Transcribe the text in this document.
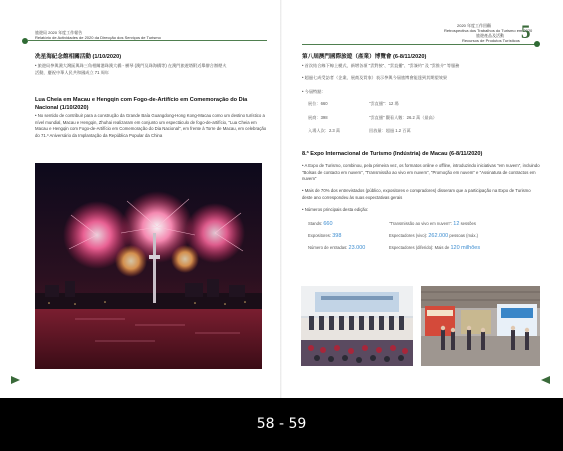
旅遊局 2020 年度工作報告
Relatório de Actividades de 2020 da Direcção dos Serviços de Turismo
冼星海紀念館相關活動 (1/10/2020)
• 旅遊局參與澳大灣區與珠三角相關港珠澳大橋 - 横琴 (澳門及珠海橋等) 在澳門旅遊塔附近舉辦合辦煙火
活動，慶祝中華人民共和國成立 71 周年
Lua Cheia em Macau e Hengqin com Fogo-de-Artifício em Comemoração do Dia Nacional (1/10/2020)
• No sentido de contribuir para a construção da Grande Baía Guangdong-Hong Kong-Macau como um destino turístico a nível mundial, Macau e Hengqin, Zhuhai realizaram em conjunto um espectáculo de fogo-de-artifício, "Lua Cheia em Macau e Hengqin com Fogo-de-Artifício em Comemoração do Dia Nacional", em frente à Torre de Macau, em celebração do 71.º Aniversário da Implantação da República Popular da China
2020 年度工作回顧
Retrospectiva dos Trabalhos do Turismo em 2020
旅遊產品及活動
Recursos de Produtos Turísticos 5
第八屆澳門國際旅遊（產業）博覽會 (6-8/11/2020)
• 首次結合線下線上模式，新增各項 "雲對接"、"雲直播"、"雲簽約" 及 "雲推介" 等服務
• 超過七成受訪者（企業、展商及買家）表示參與今屆旅博會能達到其期望效果
• 今屆特點：
展位：660	"雲直播"：12 場
展商：398	"雲直播" 觀看人數：26.2 萬（最高）
入場人次：2.3 萬	回放量：超過 1.2 百萬
8.ª Expo Internacional de Turismo (Indústria) de Macau (6-8/11/2020)
• A Expo de Turismo, combinou, pela primeira vez, os formatos online e offline, introduzindo iniciativas "em nuvem", incluindo "Bolsas de contacto em nuvem", "Transmissão ao vivo em nuvem", "Promoção em nuvem" e "Assinatura de contractos em nuvem"
• Mais de 70% dos entrevistados (público, expositores e compradores) disseram que a participação na Expo de Turismo deste ano correspondeu às suas expectativas gerais
• Números principais desta edição:
Stands: 660	"Transmissão ao vivo em nuvem": 12 sessões
Expositores: 398	Espectadores (vivo): 262.000 pessoas (máx.)
Número de entradas: 23.000	Espectadores (diferido): Mais de 120 milhões
58 - 59
